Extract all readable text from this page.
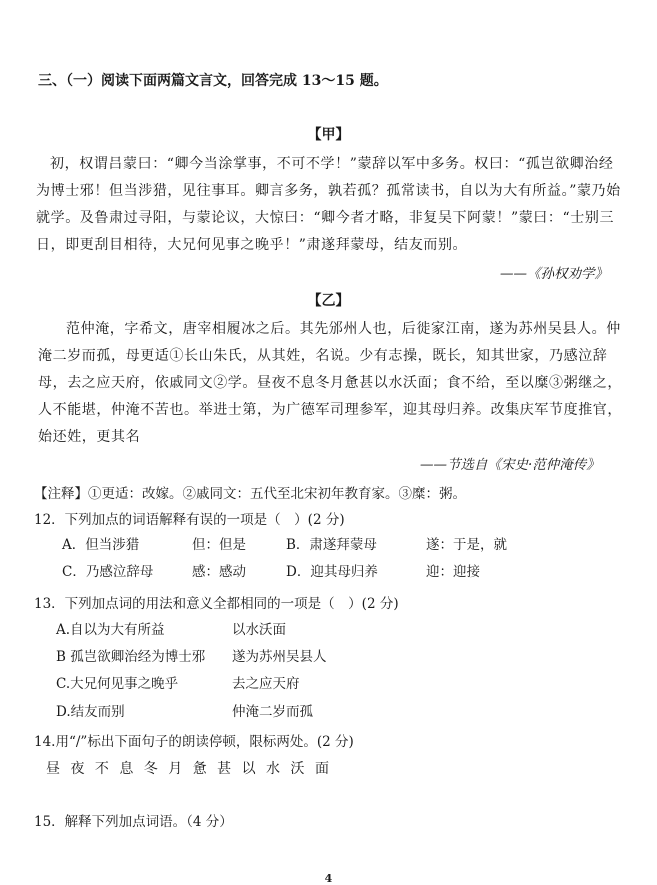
三、（一）阅读下面两篇文言文，回答完成 13～15 题。
【甲】
初，权谓吕蒙曰：“卿今当涂掌事，不可不学！”蒙辞以军中多务。权曰：“孤岂欲卿治经
为博士邪！但当涉猎，见往事耳。卿言多务，孰若孤？孤常读书，自以为大有所益。”蒙乃始
就学。及鲁肃过寻阳，与蒙论议，大惊曰：“卿今者才略，非复吴下阿蒙！”蒙曰：“士别三
日，即更刮目相待，大兄何见事之晚乎！”肃遂拜蒙母，结友而别。
——《孙权劝学》
【乙】
范仲淹，字希文，唐宰相履冰之后。其先邠州人也，后徙家江南，遂为苏州吴县人。仲
淹二岁而孤，母更适①长山朱氏，从其姓，名说。少有志操，既长，知其世家，乃感泣辞
母，去之应天府，依戚同文②学。昼夜不息冬月惫甚以水沃面；食不给，至以糜③粥继之，
人不能堪，仲淹不苦也。举进士第，为广德军司理参军，迎其母归养。改集庆军节度推官，
始还姓，更其名
——节选自《宋史·范仲淹传》
【注释】①更适：改嫁。②戚同文：五代至北宋初年教育家。③糜：粥。
12．下列加点的词语解释有误的一项是（　）(2 分)
A．但当涉猎	但：但是	B．肃遂拜蒙母	遂：于是，就
C．乃感泣辞母	感：感动	D．迎其母归养	迎：迎接
13．下列加点词的用法和意义全都相同的一项是（　）(2 分)
A.自以为大有所益	以水沃面
B 孤岂欲卿治经为博士邪 遂为苏州吴县人
C.大兄何见事之晚乎	去之应天府
D.结友而别	仲淹二岁而孤
14.用“/”标出下面句子的朗读停顿，限标两处。(2 分)
昼 夜 不 息 冬 月 惫 甚 以 水 沃 面
15．解释下列加点词语。（4 分）
4
